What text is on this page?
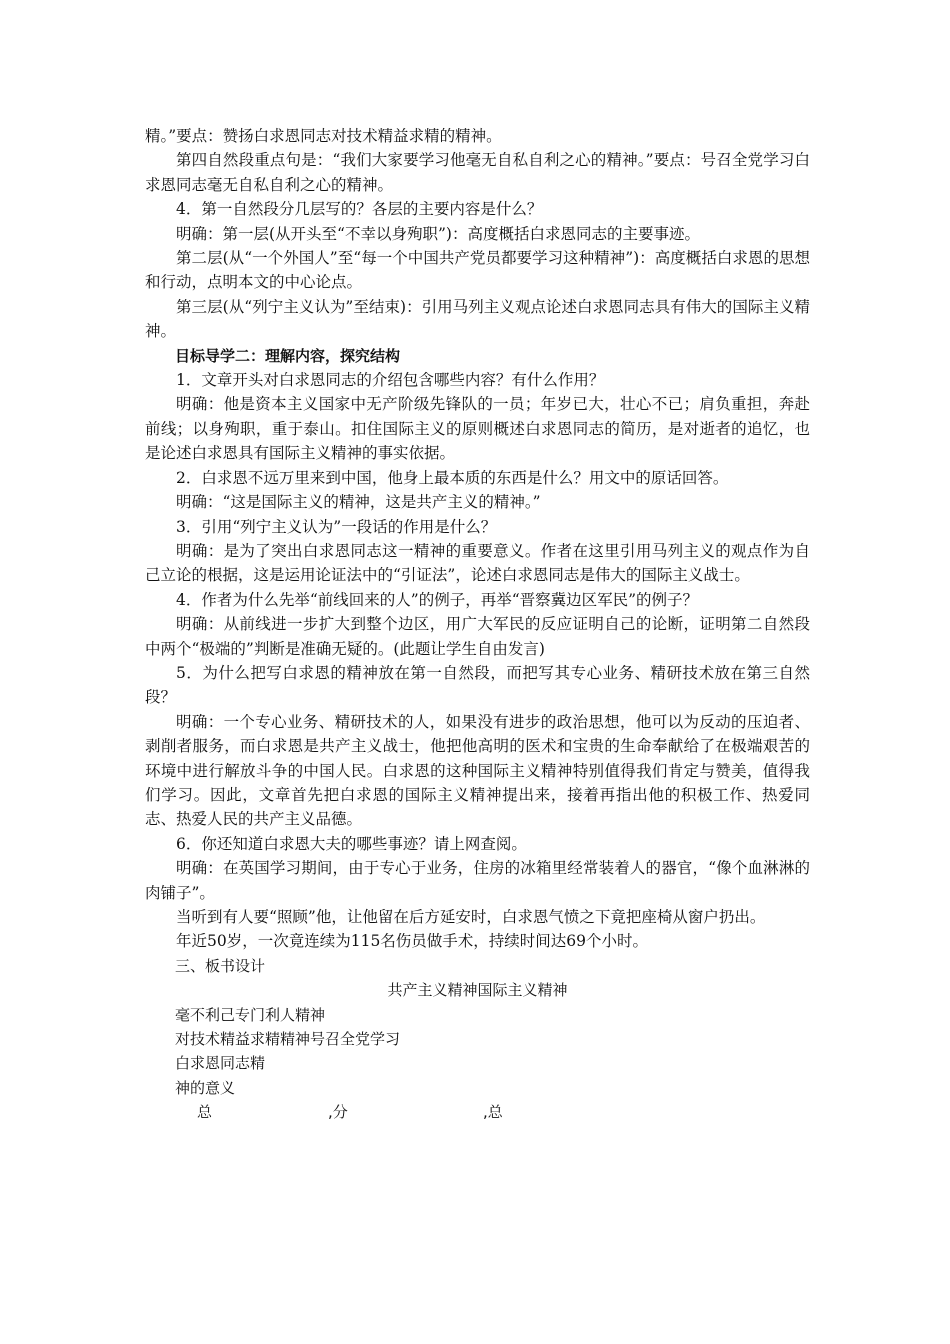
精。”要点：赞扬白求恩同志对技术精益求精的精神。

第四自然段重点句是：“我们大家要学习他毫无自私自利之心的精神。”要点：号召全党学习白求恩同志毫无自私自利之心的精神。

4．第一自然段分几层写的？各层的主要内容是什么？

明确：第一层(从开头至“不幸以身殉职”)：高度概括白求恩同志的主要事迹。

第二层(从“一个外国人”至“每一个中国共产党员都要学习这种精神”)：高度概括白求恩的思想和行动，点明本文的中心论点。

第三层(从“列宁主义认为”至结束)：引用马列主义观点论述白求恩同志具有伟大的国际主义精神。

目标导学二：理解内容，探究结构

1．文章开头对白求恩同志的介绍包含哪些内容？有什么作用？

明确：他是资本主义国家中无产阶级先锋队的一员；年岁已大，壮心不已；肩负重担，奔赴前线；以身殉职，重于泰山。扣住国际主义的原则概述白求恩同志的简历，是对逝者的追忆，也是论述白求恩具有国际主义精神的事实依据。

2．白求恩不远万里来到中国，他身上最本质的东西是什么？用文中的原话回答。

明确：“这是国际主义的精神，这是共产主义的精神。”

3．引用“列宁主义认为”一段话的作用是什么？

明确：是为了突出白求恩同志这一精神的重要意义。作者在这里引用马列主义的观点作为自己立论的根据，这是运用论证法中的“引证法”，论述白求恩同志是伟大的国际主义战士。

4．作者为什么先举“前线回来的人”的例子，再举“晋察冀边区军民”的例子？

明确：从前线进一步扩大到整个边区，用广大军民的反应证明自己的论断，证明第二自然段中两个“极端的”判断是准确无疑的。(此题让学生自由发言)

5．为什么把写白求恩的精神放在第一自然段，而把写其专心业务、精研技术放在第三自然段？

明确：一个专心业务、精研技术的人，如果没有进步的政治思想，他可以为反动的压迫者、剥削者服务，而白求恩是共产主义战士，他把他高明的医术和宝贵的生命奉献给了在极端艰苦的环境中进行解放斗争的中国人民。白求恩的这种国际主义精神特别值得我们肯定与赞美，值得我们学习。因此，文章首先把白求恩的国际主义精神提出来，接着再指出他的积极工作、热爱同志、热爱人民的共产主义品德。

6．你还知道白求恩大夫的哪些事迹？请上网查阅。

明确：在英国学习期间，由于专心于业务，住房的冰箱里经常装着人的器官，“像个血淋淋的肉铺子”。

当听到有人要“照顾”他，让他留在后方延安时，白求恩气愤之下竟把座椅从窗户扔出。

年近50岁，一次竟连续为115名伤员做手术，持续时间达69个小时。

三、板书设计

共产主义精神国际主义精神

毫不利己专门利人精神

对技术精益求精精神号召全党学习

白求恩同志精

神的意义

总	,分	,总
